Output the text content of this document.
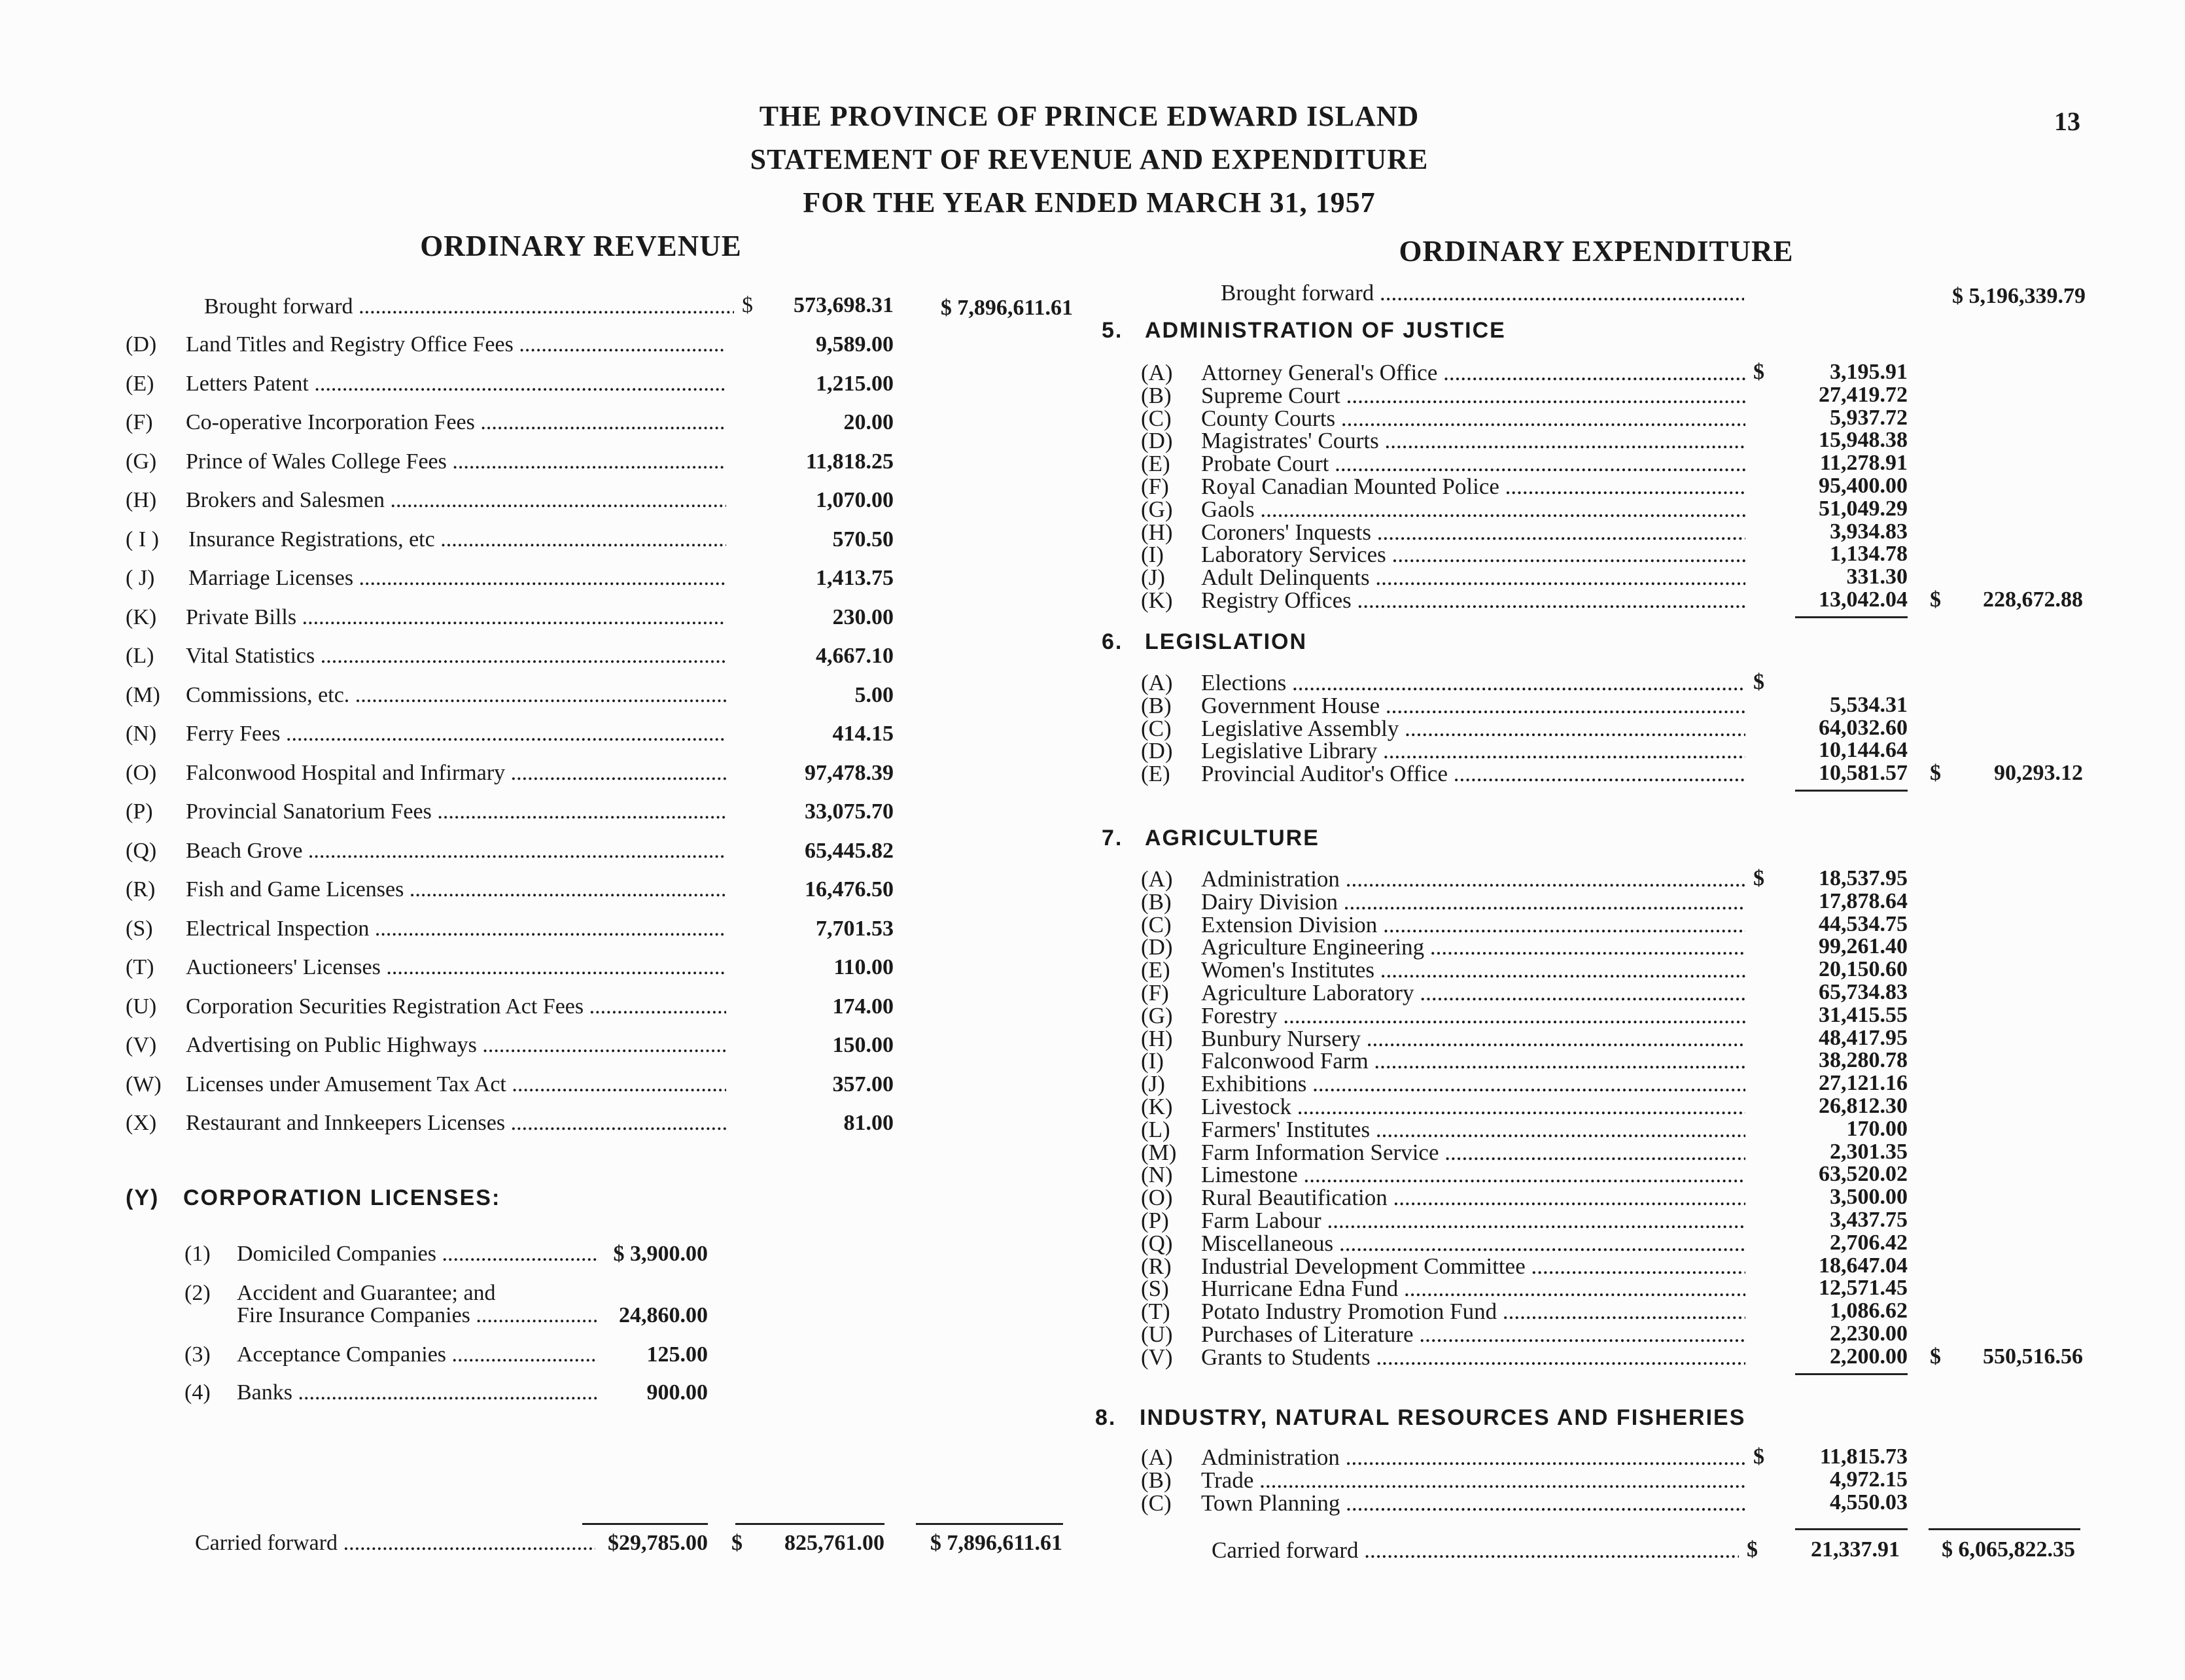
THE PROVINCE OF PRINCE EDWARD ISLAND
STATEMENT OF REVENUE AND EXPENDITURE
FOR THE YEAR ENDED MARCH 31, 1957
13
ORDINARY REVENUE	ORDINARY EXPENDITURE
Brought forward .....	$ 573,698.31 $ 7,896,611.61
(D) Land Titles and Registry Office Fees .....	9,589.00
(E) Letters Patent .....	1,215.00
(F) Co-operative Incorporation Fees .....	20.00
(G) Prince of Wales College Fees .....	11,818.25
(H) Brokers and Salesmen .....	1,070.00
( I ) Insurance Registrations, etc .....	570.50
( J) Marriage Licenses .....	1,413.75
(K) Private Bills .....	230.00
(L) Vital Statistics .....	4,667.10
(M) Commissions, etc. .....	5.00
(N) Ferry Fees .....	414.15
(O) Falconwood Hospital and Infirmary .....	97,478.39
(P) Provincial Sanatorium Fees .....	33,075.70
(Q) Beach Grove .....	65,445.82
(R) Fish and Game Licenses .....	16,476.50
(S) Electrical Inspection .....	7,701.53
(T) Auctioneers' Licenses .....	110.00
(U) Corporation Securities Registration Act Fees .....	174.00
(V) Advertising on Public Highways .....	150.00
(W) Licenses under Amusement Tax Act .....	357.00
(X) Restaurant and Innkeepers Licenses .....	81.00
(Y) CORPORATION LICENSES:
(1) Domiciled Companies .....	$ 3,900.00
(2) Accident and Guarantee; and
Fire Insurance Companies .....	24,860.00
(3) Acceptance Companies .....	125.00
(4) Banks .....	900.00
Carried forward .....	$29,785.00 $ 825,761.00 $ 7,896,611.61
Brought forward .....	$ 5,196,339.79
5. ADMINISTRATION OF JUSTICE
(A) Attorney General's Office .....	$	3,195.91
(B) Supreme Court .....	27,419.72
(C) County Courts .....	5,937.72
(D) Magistrates' Courts .....	15,948.38
(E) Probate Court .....	11,278.91
(F) Royal Canadian Mounted Police .....	95,400.00
(G) Gaols .....	51,049.29
(H) Coroners' Inquests .....	3,934.83
(I) Laboratory Services .....	1,134.78
(J) Adult Delinquents .....	331.30
(K) Registry Offices .....	13,042.04 $ 228,672.88
6. LEGISLATION
(A) Elections .....	$
(B) Government House .....	5,534.31
(C) Legislative Assembly .....	64,032.60
(D) Legislative Library .....	10,144.64
(E) Provincial Auditor's Office .....	10,581.57 $ 90,293.12
7. AGRICULTURE
(A) Administration .....	$ 18,537.95
(B) Dairy Division .....	17,878.64
(C) Extension Division .....	44,534.75
(D) Agriculture Engineering .....	99,261.40
(E) Women's Institutes .....	20,150.60
(F) Agriculture Laboratory .....	65,734.83
(G) Forestry .....	31,415.55
(H) Bunbury Nursery .....	48,417.95
(I) Falconwood Farm .....	38,280.78
(J) Exhibitions .....	27,121.16
(K) Livestock .....	26,812.30
(L) Farmers' Institutes .....	170.00
(M) Farm Information Service .....	2,301.35
(N) Limestone .....	63,520.02
(O) Rural Beautification .....	3,500.00
(P) Farm Labour .....	3,437.75
(Q) Miscellaneous .....	2,706.42
(R) Industrial Development Committee .....	18,647.04
(S) Hurricane Edna Fund .....	12,571.45
(T) Potato Industry Promotion Fund .....	1,086.62
(U) Purchases of Literature .....	2,230.00
(V) Grants to Students .....	2,200.00 $ 550,516.56
8. INDUSTRY, NATURAL RESOURCES AND FISHERIES
(A) Administration .....	$ 11,815.73
(B) Trade .....	4,972.15
(C) Town Planning .....	4,550.03
Carried forward .....	$ 21,337.91 $ 6,065,822.35
